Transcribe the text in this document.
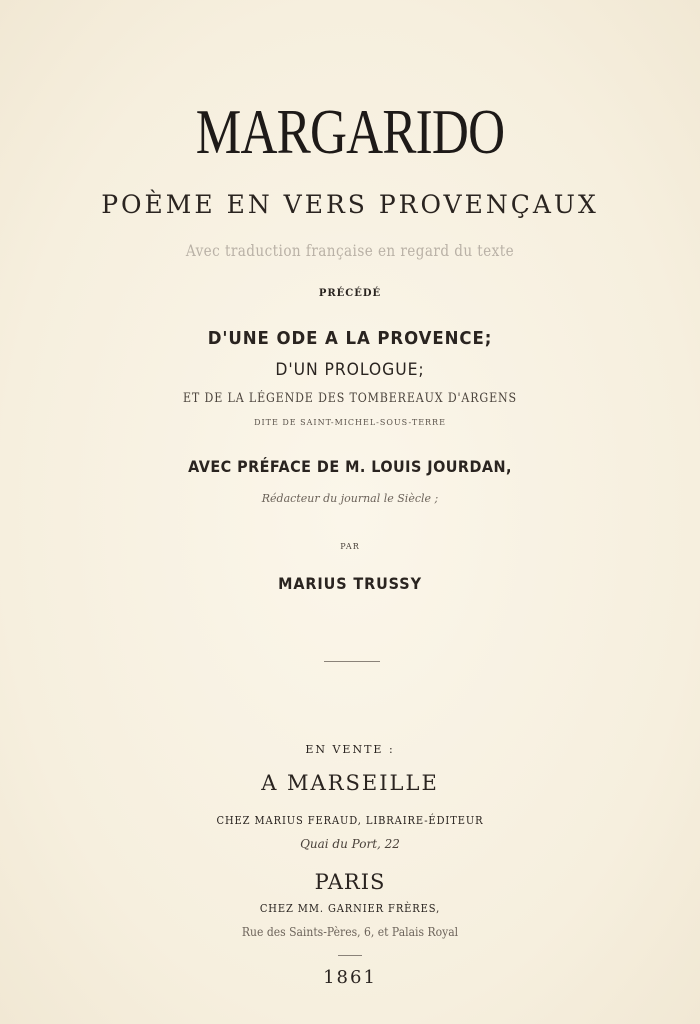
MARGARIDO
POÈME EN VERS PROVENÇAUX
Avec traduction française en regard du texte
PRÉCÉDÉ
D'UNE ODE A LA PROVENCE;
D'UN PROLOGUE;
ET DE LA LÉGENDE DES TOMBEREAUX D'ARGENS
DITE DE SAINT-MICHEL-SOUS-TERRE
AVEC PRÉFACE DE M. LOUIS JOURDAN,
Rédacteur du journal le Siècle ;
PAR
MARIUS TRUSSY
EN VENTE :
A MARSEILLE
CHEZ MARIUS FERAUD, LIBRAIRE-ÉDITEUR
Quai du Port, 22
PARIS
CHEZ MM. GARNIER FRÈRES,
Rue des Saints-Pères, 6, et Palais Royal
1861
